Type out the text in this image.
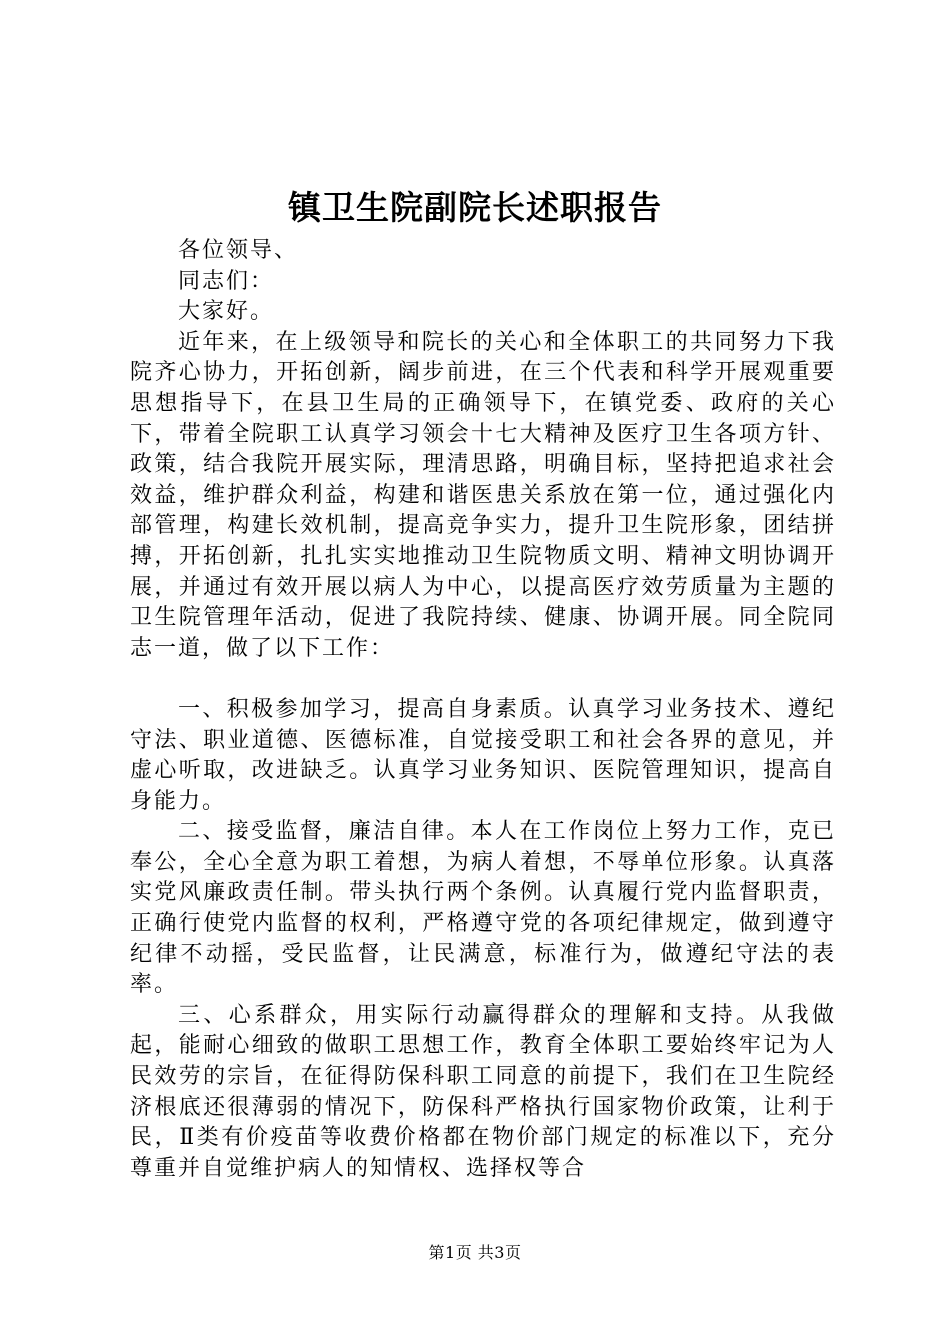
镇卫生院副院长述职报告

各位领导、

同志们：

大家好。

近年来，在上级领导和院长的关心和全体职工的共同努力下我院齐心协力，开拓创新，阔步前进，在三个代表和科学开展观重要思想指导下，在县卫生局的正确领导下，在镇党委、政府的关心下，带着全院职工认真学习领会十七大精神及医疗卫生各项方针、政策，结合我院开展实际，理清思路，明确目标，坚持把追求社会效益，维护群众利益，构建和谐医患关系放在第一位，通过强化内部管理，构建长效机制，提高竞争实力，提升卫生院形象，团结拼搏，开拓创新，扎扎实实地推动卫生院物质文明、精神文明协调开展，并通过有效开展以病人为中心，以提高医疗效劳质量为主题的卫生院管理年活动，促进了我院持续、健康、协调开展。同全院同志一道，做了以下工作：

一、积极参加学习，提高自身素质。认真学习业务技术、遵纪守法、职业道德、医德标准，自觉接受职工和社会各界的意见，并虚心听取，改进缺乏。认真学习业务知识、医院管理知识，提高自身能力。

二、接受监督，廉洁自律。本人在工作岗位上努力工作，克已奉公，全心全意为职工着想，为病人着想，不辱单位形象。认真落实党风廉政责任制。带头执行两个条例。认真履行党内监督职责，正确行使党内监督的权利，严格遵守党的各项纪律规定，做到遵守纪律不动摇，受民监督，让民满意，标准行为，做遵纪守法的表率。

三、心系群众，用实际行动赢得群众的理解和支持。从我做起，能耐心细致的做职工思想工作，教育全体职工要始终牢记为人民效劳的宗旨，在征得防保科职工同意的前提下，我们在卫生院经济根底还很薄弱的情况下，防保科严格执行国家物价政策，让利于民，Ⅱ类有价疫苗等收费价格都在物价部门规定的标准以下，充分尊重并自觉维护病人的知情权、选择权等合

第1页 共3页
